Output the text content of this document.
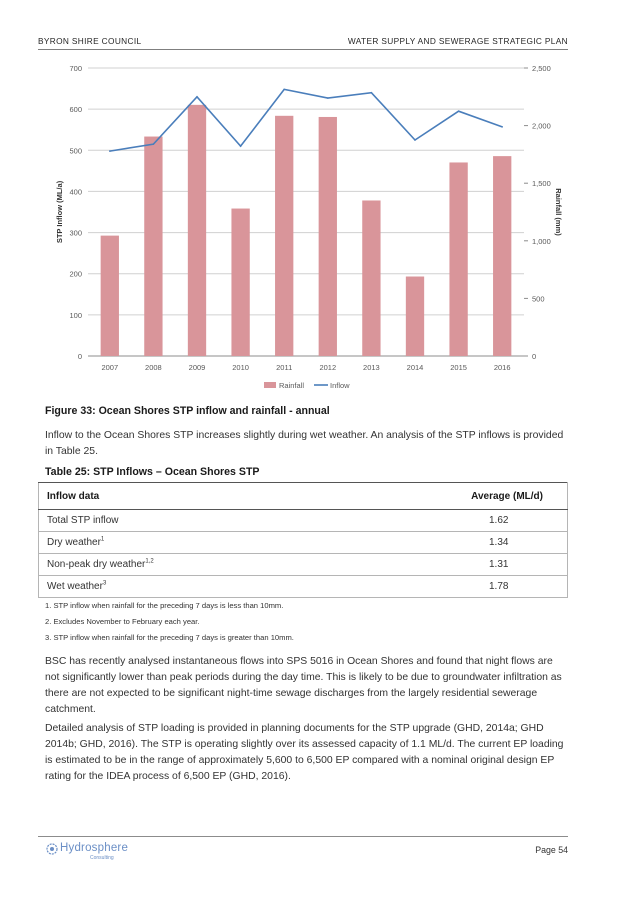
BYRON SHIRE COUNCIL	WATER SUPPLY AND SEWERAGE STRATEGIC PLAN
0
100
200
300
400
500
600
700
0
500
1,000
1,500
2,000
2,500
2007	2008	2009	2010	2011	2012	2013	2014	2015	2016
STP Inflow (ML/a)	Rainfall (mm)
Rainfall	Inflow
Figure 33: Ocean Shores STP inflow and rainfall - annual

Inflow to the Ocean Shores STP increases slightly during wet weather. An analysis of the STP inflows is provided in Table 25.

Table 25: STP Inflows – Ocean Shores STP
Inflow data	Average (ML/d)	
Total STP inflow		1.62
Dry weather$^1$		1.34
Non-peak dry weather$^{1,2}$		1.31
Wet weather$^3$		1.78
1. STP inflow when rainfall for the preceding 7 days is less than 10mm.
2. Excludes November to February each year.
3. STP inflow when rainfall for the preceding 7 days is greater than 10mm.

BSC has recently analysed instantaneous flows into SPS 5016 in Ocean Shores and found that night flows are not significantly lower than peak periods during the day time. This is likely to be due to groundwater infiltration as there are not expected to be significant night-time sewage discharges from the largely residential sewerage catchment.

Detailed analysis of STP loading is provided in planning documents for the STP upgrade (GHD, 2014a; GHD 2014b; GHD, 2016). The STP is operating slightly over its assessed capacity of 1.1 ML/d. The current EP loading is estimated to be in the range of approximately 5,600 to 6,500 EP compared with a nominal original design EP rating for the IDEA process of 6,500 EP (GHD, 2016).

Hydrosphere
Consulting
Page 54
